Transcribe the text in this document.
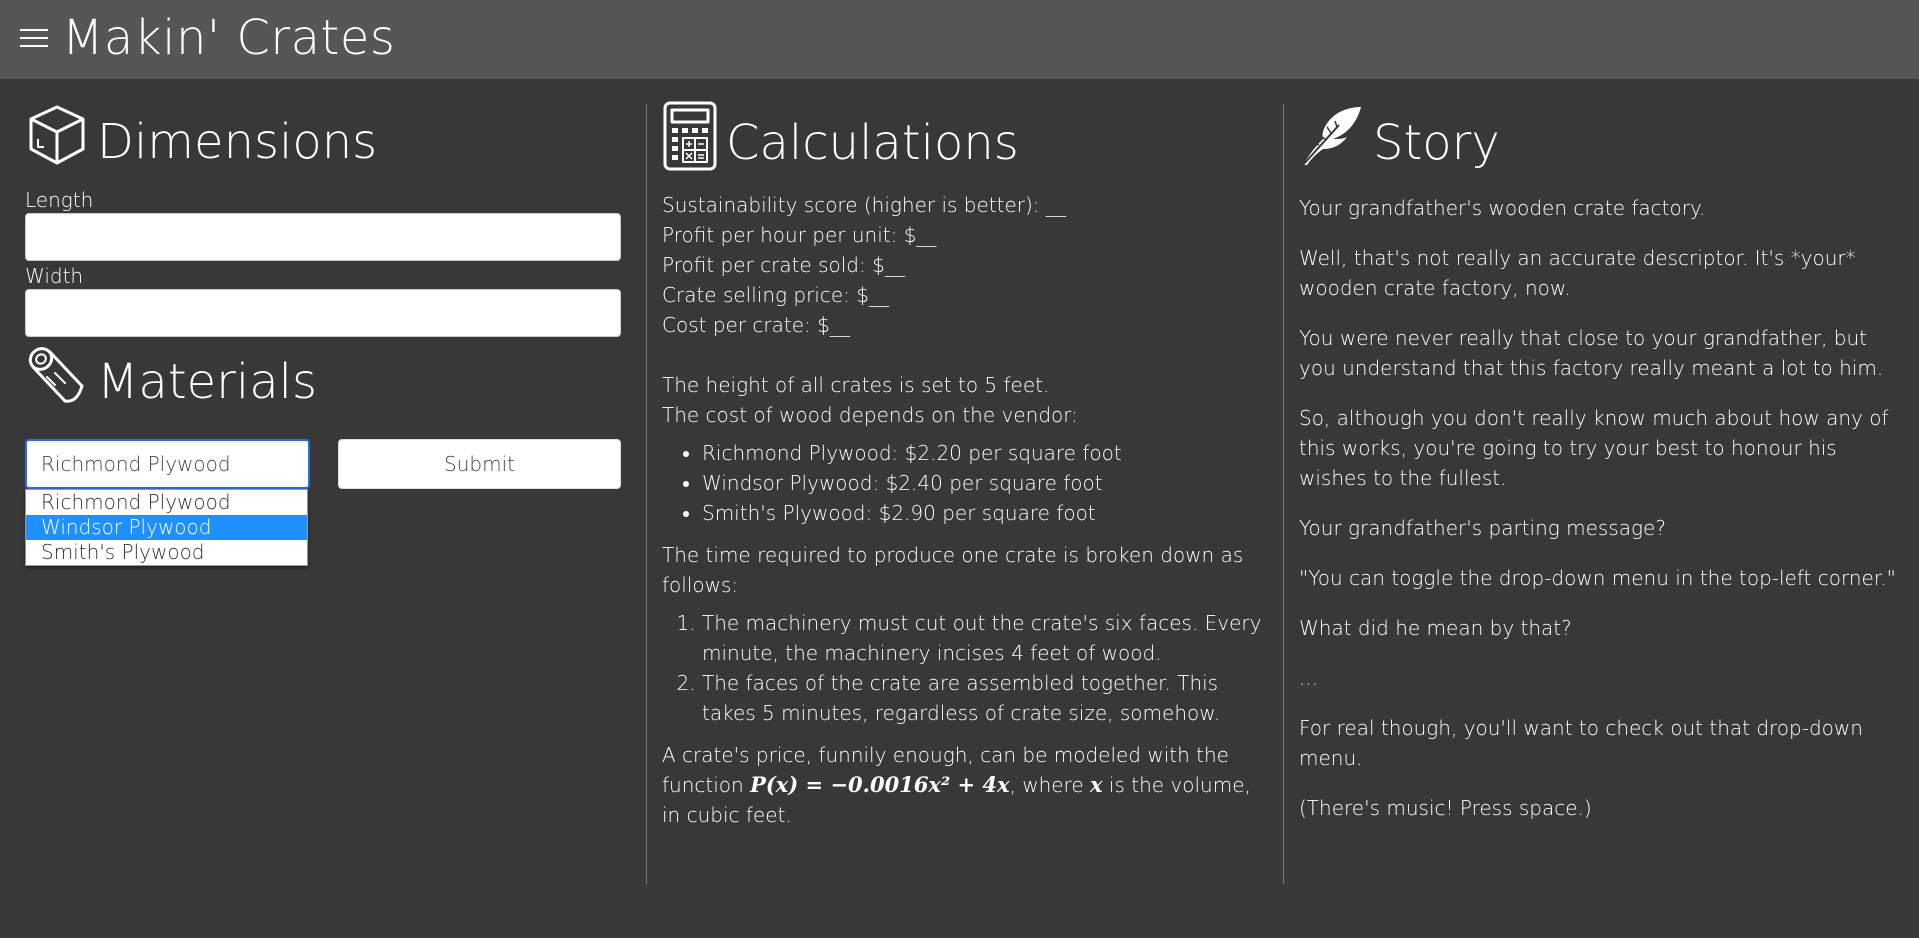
Makin' Crates
Dimensions
Length
Width
Materials
Richmond Plywood	Submit
Richmond Plywood
Windsor Plywood
Smith's Plywood
Calculations
Sustainability score (higher is better): __
Profit per hour per unit: $__
Profit per crate sold: $__
Crate selling price: $__
Cost per crate: $__
The height of all crates is set to 5 feet.
The cost of wood depends on the vendor:
• Richmond Plywood: $2.20 per square foot
• Windsor Plywood: $2.40 per square foot
• Smith's Plywood: $2.90 per square foot
The time required to produce one crate is broken down as follows:
1. The machinery must cut out the crate's six faces. Every minute, the machinery incises 4 feet of wood.
2. The faces of the crate are assembled together. This takes 5 minutes, regardless of crate size, somehow.
A crate's price, funnily enough, can be modeled with the function P(x) = −0.0016x² + 4x, where x is the volume, in cubic feet.
Story

Your grandfather's wooden crate factory.

Well, that's not really an accurate descriptor. It's *your* wooden crate factory, now.

You were never really that close to your grandfather, but you understand that this factory really meant a lot to him.

So, although you don't really know much about how any of this works, you're going to try your best to honour his wishes to the fullest.

Your grandfather's parting message?

"You can toggle the drop-down menu in the top-left corner."

What did he mean by that?

...

For real though, you'll want to check out that drop-down menu.

(There's music! Press space.)
